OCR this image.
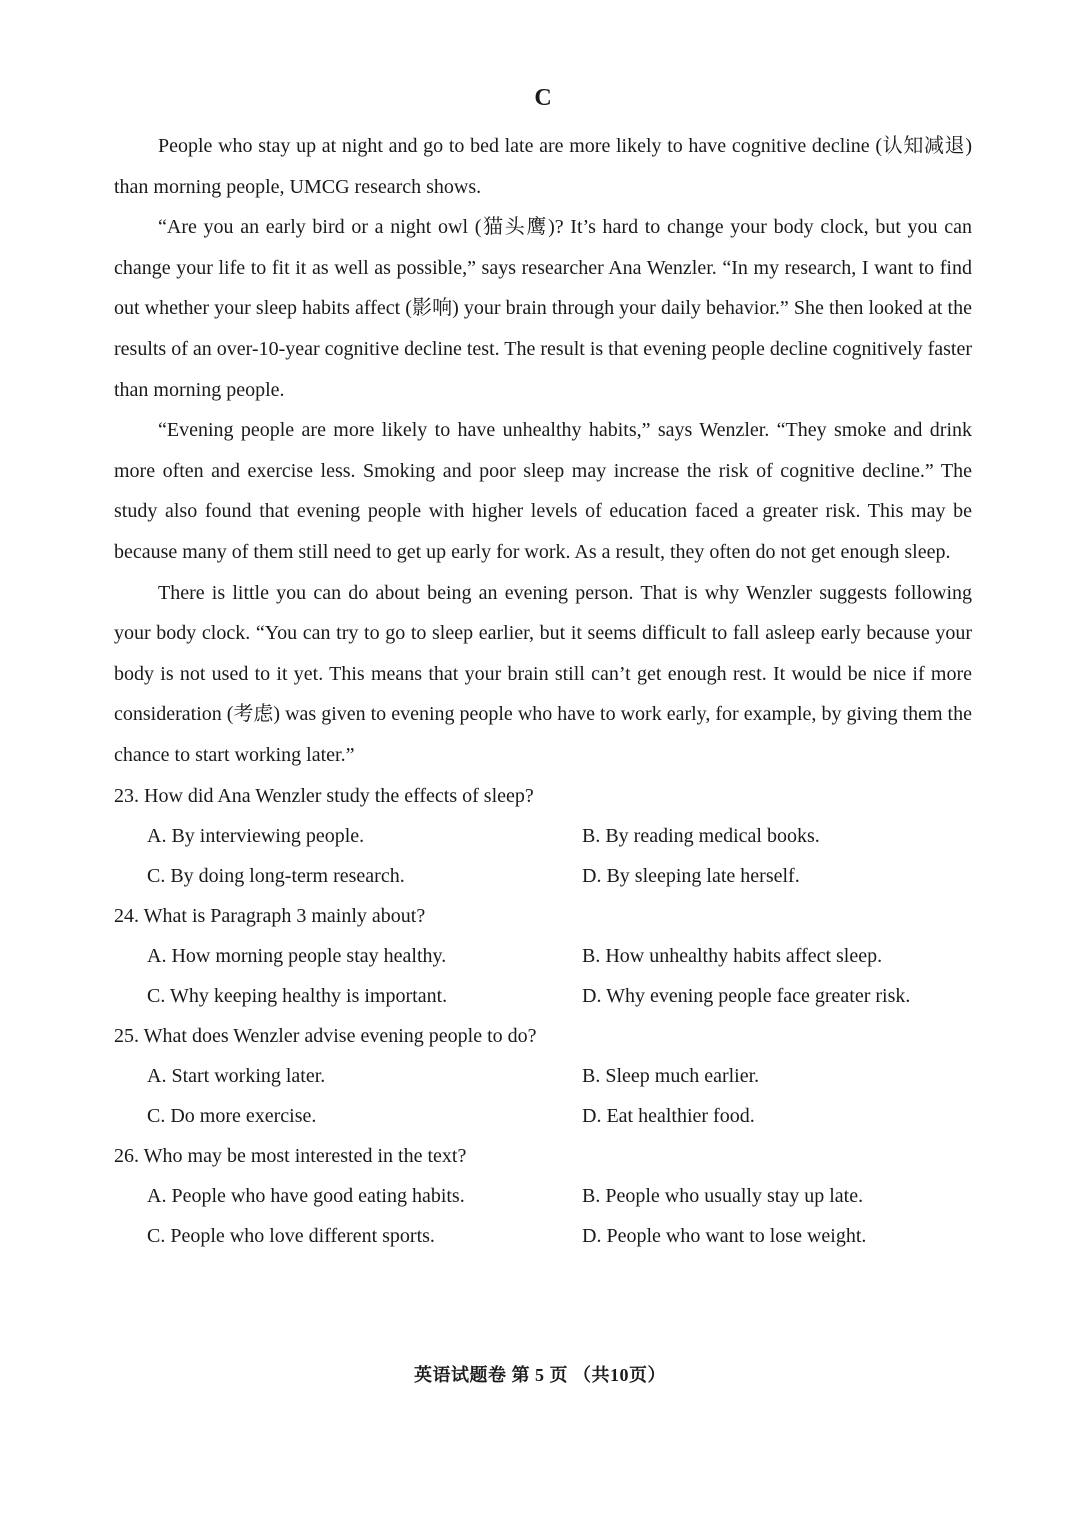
C

People who stay up at night and go to bed late are more likely to have cognitive decline (认知减退) than morning people, UMCG research shows.

“Are you an early bird or a night owl (猫头鹰)? It’s hard to change your body clock, but you can change your life to fit it as well as possible,” says researcher Ana Wenzler. “In my research, I want to find out whether your sleep habits affect (影响) your brain through your daily behavior.” She then looked at the results of an over-10-year cognitive decline test. The result is that evening people decline cognitively faster than morning people.

“Evening people are more likely to have unhealthy habits,” says Wenzler. “They smoke and drink more often and exercise less. Smoking and poor sleep may increase the risk of cognitive decline.” The study also found that evening people with higher levels of education faced a greater risk. This may be because many of them still need to get up early for work. As a result, they often do not get enough sleep.

There is little you can do about being an evening person. That is why Wenzler suggests following your body clock. “You can try to go to sleep earlier, but it seems difficult to fall asleep early because your body is not used to it yet. This means that your brain still can’t get enough rest. It would be nice if more consideration (考虑) was given to evening people who have to work early, for example, by giving them the chance to start working later.”

23. How did Ana Wenzler study the effects of sleep?
A. By interviewing people.	B. By reading medical books.
C. By doing long-term research.	D. By sleeping late herself.
24. What is Paragraph 3 mainly about?
A. How morning people stay healthy.	B. How unhealthy habits affect sleep.
C. Why keeping healthy is important.	D. Why evening people face greater risk.
25. What does Wenzler advise evening people to do?
A. Start working later.	B. Sleep much earlier.
C. Do more exercise.	D. Eat healthier food.
26. Who may be most interested in the text?
A. People who have good eating habits.	B. People who usually stay up late.
C. People who love different sports.	D. People who want to lose weight.
英语试题卷 第 5 页 （共10页）
